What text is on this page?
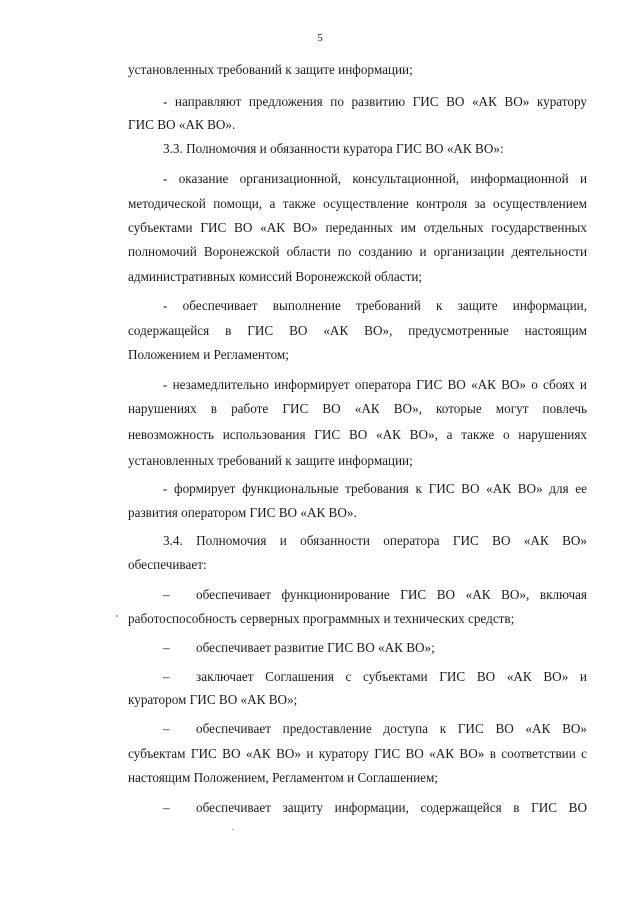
5
установленных требований к защите информации;
- направляют предложения по развитию ГИС ВО «АК ВО» куратору
ГИС ВО «АК ВО».
3.3. Полномочия и обязанности куратора ГИС ВО «АК ВО»:
- оказание организационной, консультационной, информационной и
методической помощи, а также осуществление контроля за осуществлением
субъектами ГИС ВО «АК ВО» переданных им отдельных государственных
полномочий Воронежской области по созданию и организации деятельности
административных комиссий Воронежской области;
- обеспечивает выполнение требований к защите информации,
содержащейся в ГИС ВО «АК ВО», предусмотренные настоящим
Положением и Регламентом;
- незамедлительно информирует оператора ГИС ВО «АК ВО» о сбоях и
нарушениях в работе ГИС ВО «АК ВО», которые могут повлечь
невозможность использования ГИС ВО «АК ВО», а также о нарушениях
установленных требований к защите информации;
- формирует функциональные требования к ГИС ВО «АК ВО» для ее
развития оператором ГИС ВО «АК ВО».
3.4. Полномочия и обязанности оператора ГИС ВО «АК ВО»
обеспечивает:
– обеспечивает функционирование ГИС ВО «АК ВО», включая
работоспособность серверных программных и технических средств;
– обеспечивает развитие ГИС ВО «АК ВО»;
– заключает Соглашения с субъектами ГИС ВО «АК ВО» и
куратором ГИС ВО «АК ВО»;
– обеспечивает предоставление доступа к ГИС ВО «АК ВО»
субъектам ГИС ВО «АК ВО» и куратору ГИС ВО «АК ВО» в соответствии с
настоящим Положением, Регламентом и Соглашением;
– обеспечивает защиту информации, содержащейся в ГИС ВО
